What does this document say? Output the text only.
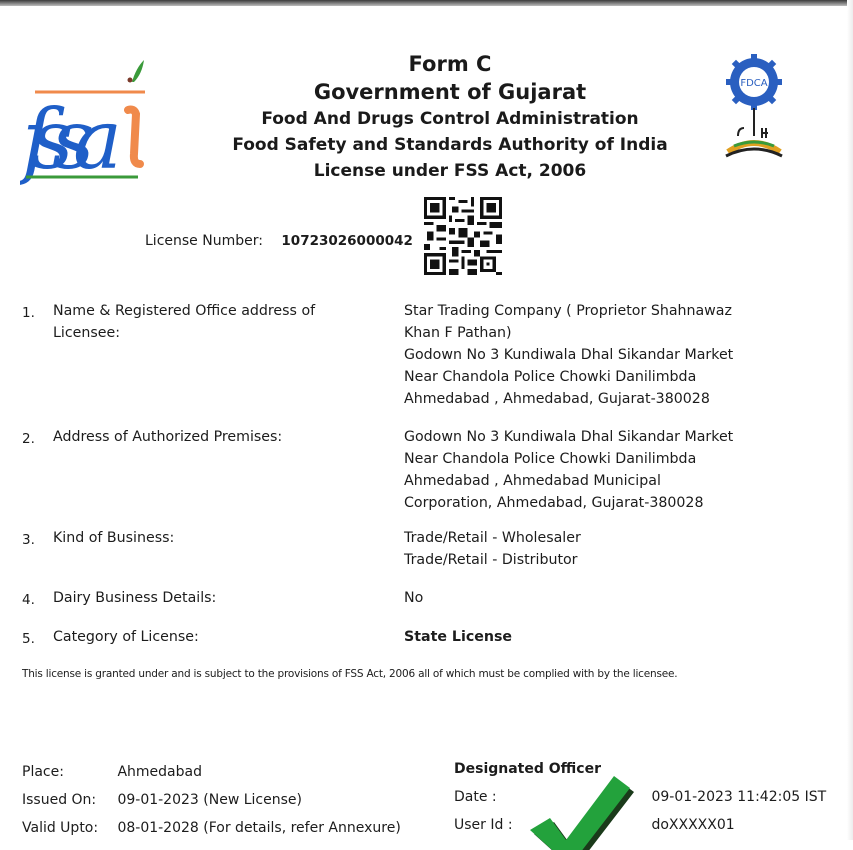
ſssa
FDCA
Form C
Government of Gujarat
Food And Drugs Control Administration
Food Safety and Standards Authority of India
License under FSS Act, 2006
License Number: 10723026000042
1. Name & Registered Office address of Licensee:
Star Trading Company ( Proprietor Shahnawaz
Khan F Pathan)
Godown No 3 Kundiwala Dhal Sikandar Market
Near Chandola Police Chowki Danilimbda
Ahmedabad , Ahmedabad, Gujarat-380028
2. Address of Authorized Premises:	Godown No 3 Kundiwala Dhal Sikandar Market
Near Chandola Police Chowki Danilimbda
Ahmedabad , Ahmedabad Municipal
Corporation, Ahmedabad, Gujarat-380028
3. Kind of Business:	Trade/Retail - Wholesaler
Trade/Retail - Distributor
4. Dairy Business Details:	No
5. Category of License:	State License
This license is granted under and is subject to the provisions of FSS Act, 2006 all of which must be complied with by the licensee.
Place:	Ahmedabad
Issued On: 09-01-2023 (New License)
Valid Upto: 08-01-2028 (For details, refer Annexure)
Designated Officer
Date :	09-01-2023 11:42:05 IST
User Id :	doXXXXX01
